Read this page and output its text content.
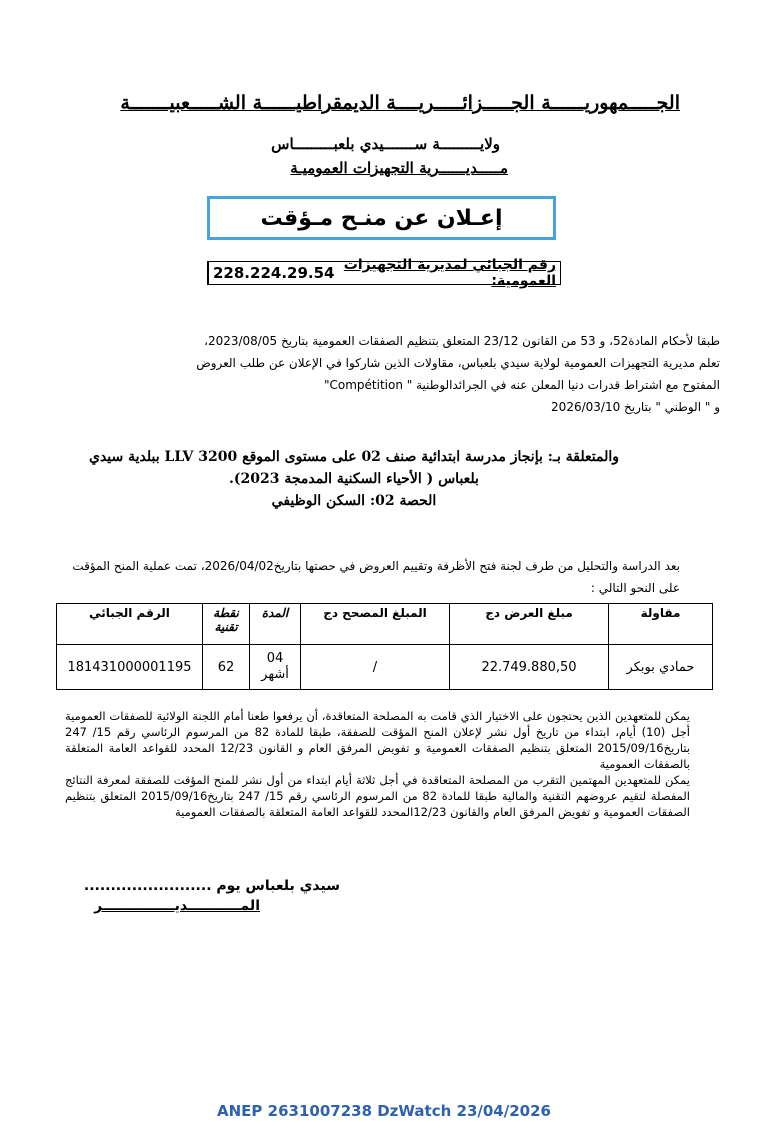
الجـــــمهوريــــــة الجـــــزائـــــريــــة الديمقراطيــــــة الشـــــعبيـــــــة
ولايـــــــــة ســـــــيدي بلعبـــــــــاس
مـــــديــــــرية التجهيزات العموميـة
إعـلان عن منـح مـؤقت
رقم الجبائي لمديرية التجهيزات العمومية:
228.224.29.54
طبقا لأحكام المادة52، و 53 من القانون 23/12 المتعلق بتنظيم الصفقات العمومية بتاريخ 2023/08/05،
تعلم مديرية التجهيزات العمومية لولاية سيدي بلعباس، مقاولات الذين شاركوا في الإعلان عن طلب العروض
المفتوح مع اشتراط قدرات دنيا المعلن عنه في الجرائدالوطنية " Compétition"
و " الوطني " بتاريخ 2026/03/10
والمتعلقة بـ: بإنجاز مدرسة ابتدائية صنف 02 على مستوى الموقع 3200 LLV ببلدية سيدي
بلعباس ( الأحياء السكنية المدمجة 2023).
الحصة 02: السكن الوظيفي
بعد الدراسة والتحليل من طرف لجنة فتح الأظرفة وتقييم العروض في حصتها بتاريخ2026/04/02، تمت عملية المنح المؤقت
على النحو التالي :
مقاولة	مبلغ العرض دج	المبلغ المصحح دج	المدة	نقطة تقنية	الرقم الجبائي
حمادي بوبكر	22.749.880,50	/	04 أشهر	62	181431000001195
يمكن للمتعهدين الذين يحتجون على الاختيار الذي قامت به المصلحة المتعاقدة، أن يرفعوا طعنا أمام اللجنة الولائية للصفقات العمومية أجل (10) أيام، ابتداء من تاريخ أول نشر لإعلان المنح المؤقت للصفقة، طبقا للمادة 82 من المرسوم الرئاسي رقم 15/ 247 بتاريخ2015/09/16 المتعلق بتنظيم الصفقات العمومية و تفويض المرفق العام و القانون 12/23 المحدد للقواعد العامة المتعلقة بالصفقات العمومية
يمكن للمتعهدين المهتمين التقرب من المصلحة المتعاقدة في أجل ثلاثة أيام ابتداء من أول نشر للمنح المؤقت للصفقة لمعرفة النتائج المفصلة لتقيم عروضهم التقنية والمالية طبقا للمادة 82 من المرسوم الرئاسي رقم 15/ 247 بتاريخ2015/09/16 المتعلق بتنظيم الصفقات العمومية و تفويض المرفق العام والقانون 12/23المحدد للقواعد العامة المتعلقة بالصفقات العمومية
سيدي بلعباس يوم ........................
المـــــــــــديـــــــــــــــر
ANEP 2631007238 DzWatch 23/04/2026
